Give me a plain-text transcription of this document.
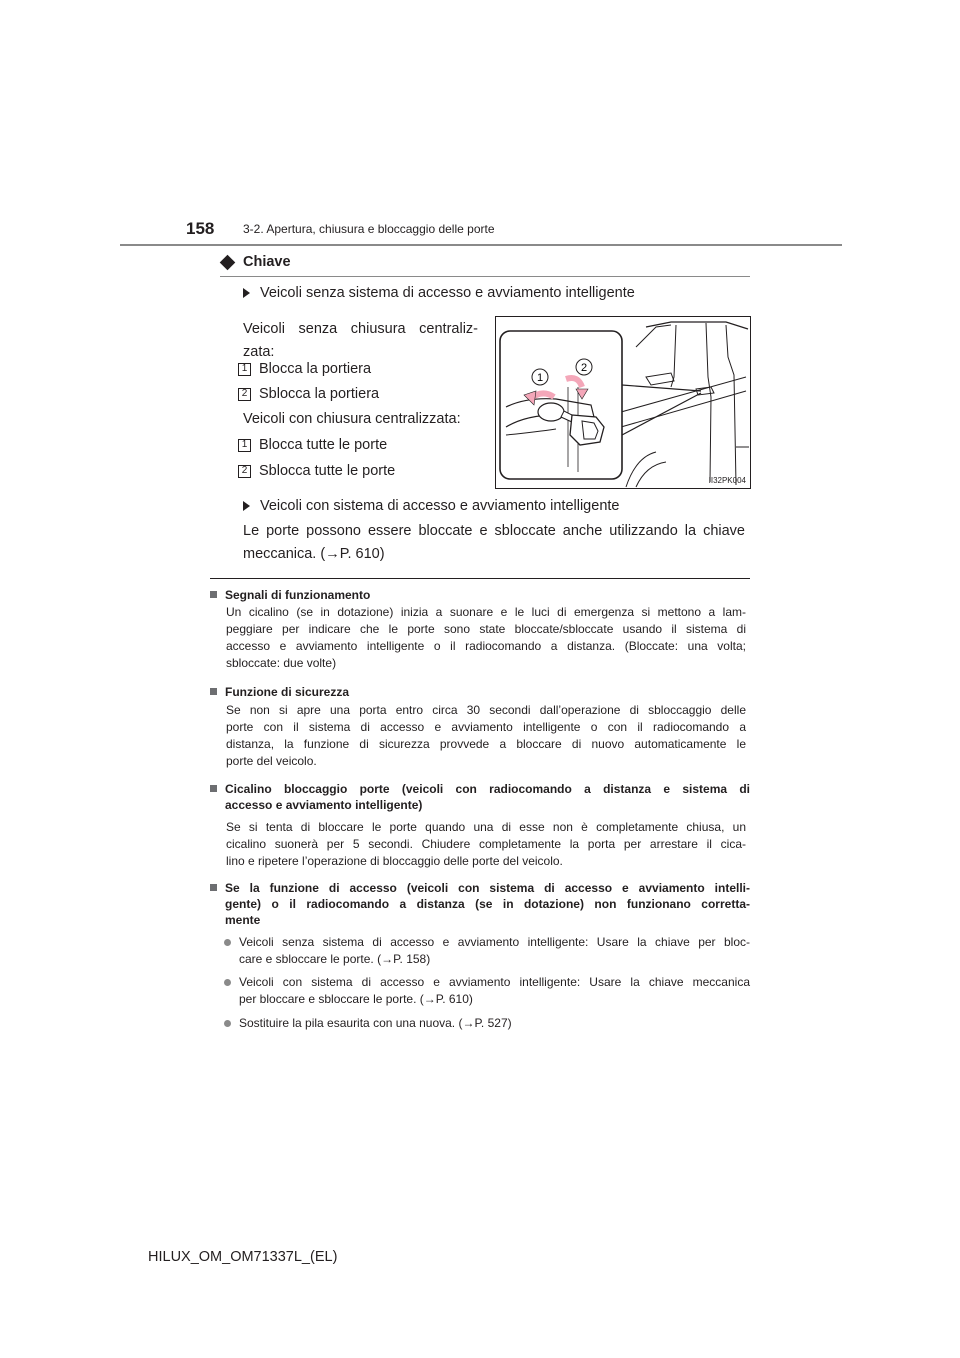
158 3-2. Apertura, chiusura e bloccaggio delle porte
Chiave
Veicoli senza sistema di accesso e avviamento intelligente
Veicoli senza chiusura centraliz-
zata:
1 Blocca la portiera
2 Sblocca la portiera
Veicoli con chiusura centralizzata:
1 Blocca tutte le porte
2 Sblocca tutte le porte
1
2
II32PK004
Veicoli con sistema di accesso e avviamento intelligente
Le porte possono essere bloccate e sbloccate anche utilizzando la chiave
meccanica. (→P. 610)
Segnali di funzionamento
Un cicalino (se in dotazione) inizia a suonare e le luci di emergenza si mettono a lam-
peggiare per indicare che le porte sono state bloccate/sbloccate usando il sistema di
accesso e avviamento intelligente o il radiocomando a distanza. (Bloccate: una volta;
sbloccate: due volte)
Funzione di sicurezza
Se non si apre una porta entro circa 30 secondi dall’operazione di sbloccaggio delle
porte con il sistema di accesso e avviamento intelligente o con il radiocomando a
distanza, la funzione di sicurezza provvede a bloccare di nuovo automaticamente le
porte del veicolo.
Cicalino bloccaggio porte (veicoli con radiocomando a distanza e sistema di
accesso e avviamento intelligente)
Se si tenta di bloccare le porte quando una di esse non è completamente chiusa, un
cicalino suonerà per 5 secondi. Chiudere completamente la porta per arrestare il cica-
lino e ripetere l’operazione di bloccaggio delle porte del veicolo.
Se la funzione di accesso (veicoli con sistema di accesso e avviamento intelli-
gente) o il radiocomando a distanza (se in dotazione) non funzionano corretta-
mente
Veicoli senza sistema di accesso e avviamento intelligente: Usare la chiave per bloc-
care e sbloccare le porte. (→P. 158)
Veicoli con sistema di accesso e avviamento intelligente: Usare la chiave meccanica
per bloccare e sbloccare le porte. (→P. 610)
Sostituire la pila esaurita con una nuova. (→P. 527)
HILUX_OM_OM71337L_(EL)
